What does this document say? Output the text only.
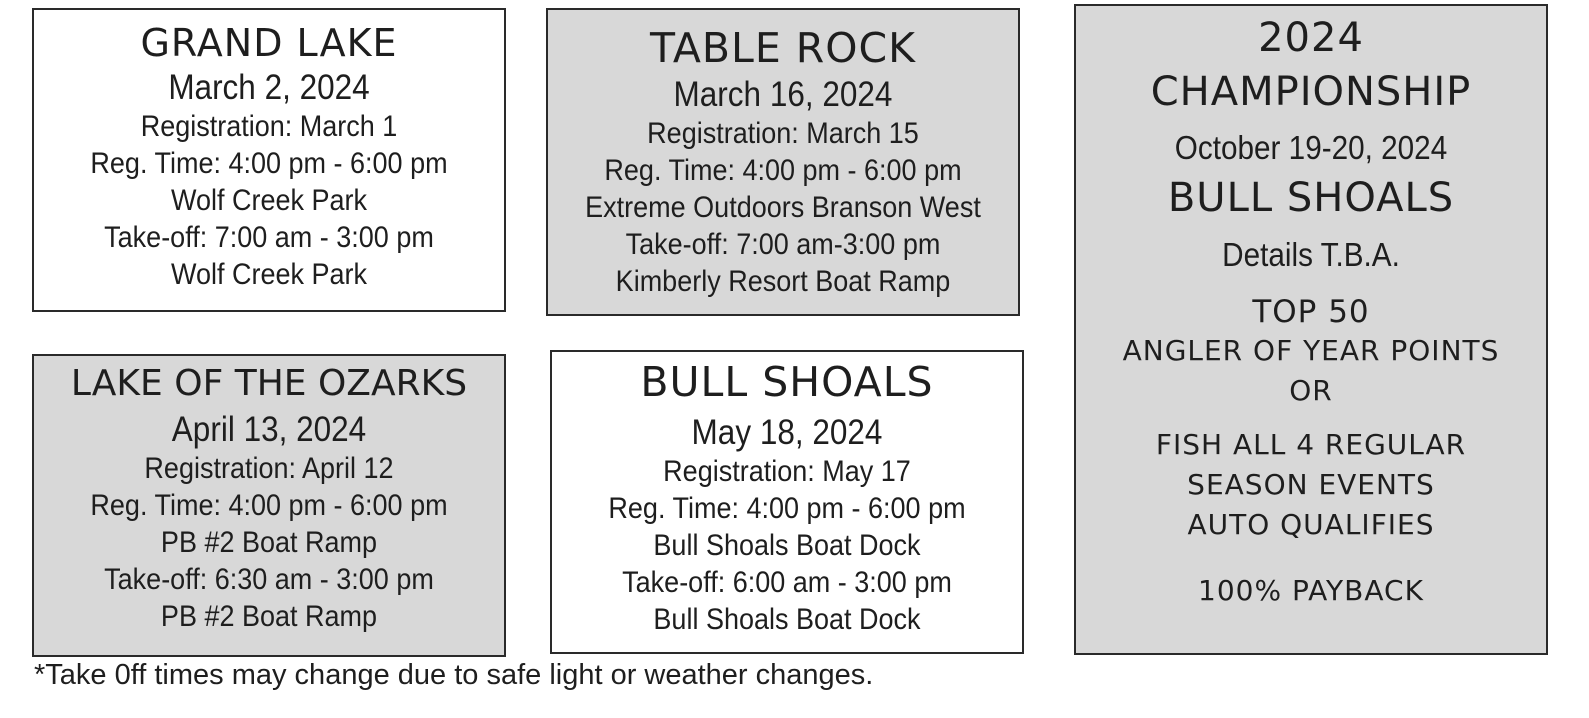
GRAND LAKE
March 2, 2024
Registration: March 1
Reg. Time: 4:00 pm - 6:00 pm
Wolf Creek Park
Take-off: 7:00 am - 3:00 pm
Wolf Creek Park
TABLE ROCK
March 16, 2024
Registration: March 15
Reg. Time: 4:00 pm - 6:00 pm
Extreme Outdoors Branson West
Take-off: 7:00 am-3:00 pm
Kimberly Resort Boat Ramp
LAKE OF THE OZARKS
April 13, 2024
Registration: April 12
Reg. Time: 4:00 pm - 6:00 pm
PB #2 Boat Ramp
Take-off: 6:30 am - 3:00 pm
PB #2 Boat Ramp
BULL SHOALS
May 18, 2024
Registration: May 17
Reg. Time: 4:00 pm - 6:00 pm
Bull Shoals Boat Dock
Take-off: 6:00 am - 3:00 pm
Bull Shoals Boat Dock
2024
CHAMPIONSHIP
October 19-20, 2024
BULL SHOALS
Details T.B.A.
TOP 50
ANGLER OF YEAR POINTS
OR
FISH ALL 4 REGULAR
SEASON EVENTS
AUTO QUALIFIES
100% PAYBACK
*Take 0ff times may change due to safe light or weather changes.
